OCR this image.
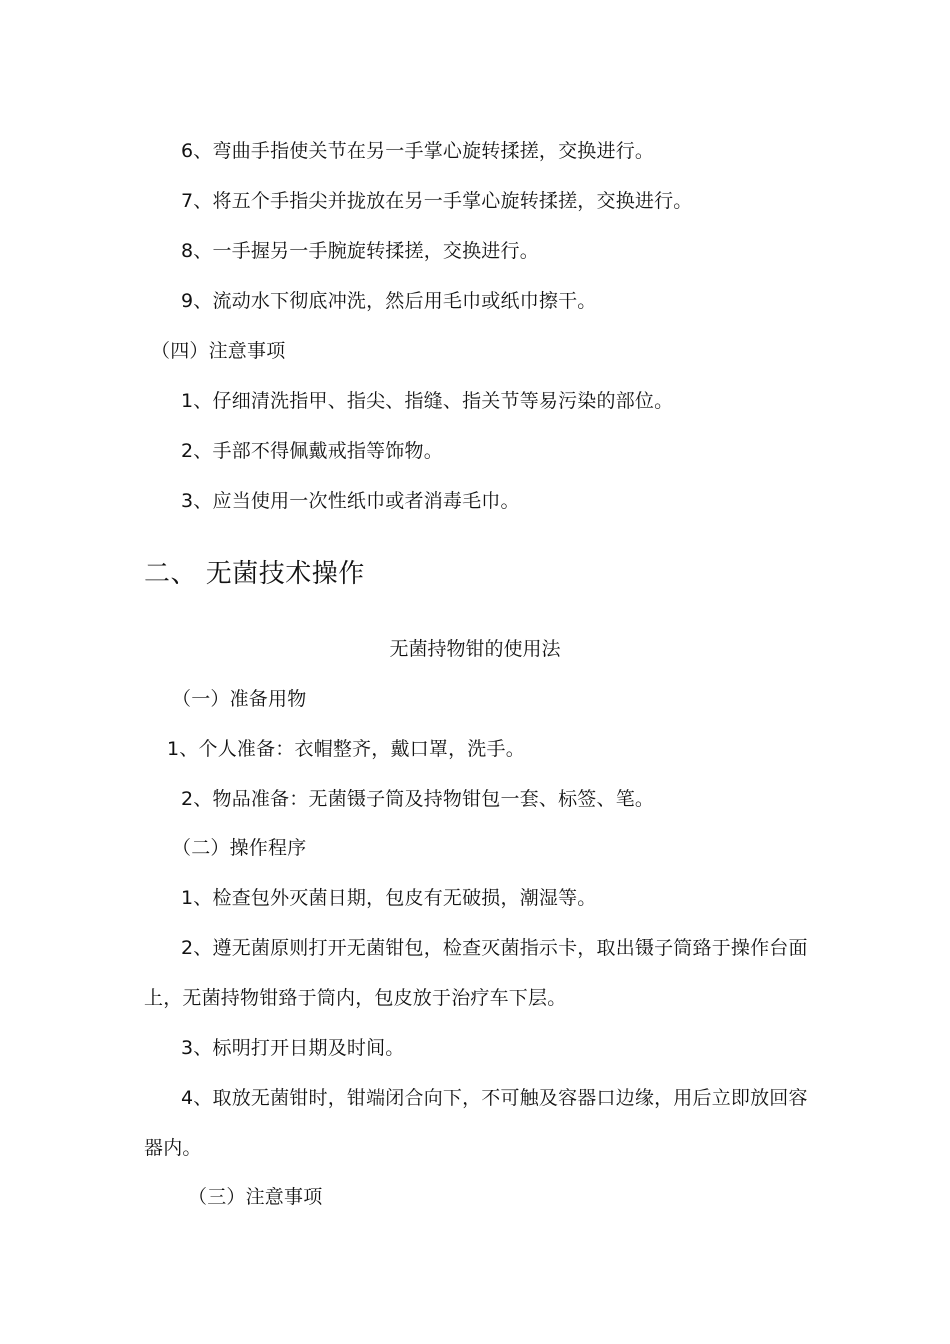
6、弯曲手指使关节在另一手掌心旋转揉搓，交换进行。
7、将五个手指尖并拢放在另一手掌心旋转揉搓，交换进行。
8、一手握另一手腕旋转揉搓，交换进行。
9、流动水下彻底冲洗，然后用毛巾或纸巾擦干。
（四）注意事项
1、仔细清洗指甲、指尖、指缝、指关节等易污染的部位。
2、手部不得佩戴戒指等饰物。
3、应当使用一次性纸巾或者消毒毛巾。
二、 无菌技术操作
无菌持物钳的使用法
（一）准备用物
1、个人准备：衣帽整齐，戴口罩，洗手。
2、物品准备：无菌镊子筒及持物钳包一套、标签、笔。
（二）操作程序
1、检查包外灭菌日期，包皮有无破损，潮湿等。
2、遵无菌原则打开无菌钳包，检查灭菌指示卡，取出镊子筒臵于操作台面
上，无菌持物钳臵于筒内，包皮放于治疗车下层。
3、标明打开日期及时间。
4、取放无菌钳时，钳端闭合向下，不可触及容器口边缘，用后立即放回容
器内。
（三）注意事项
